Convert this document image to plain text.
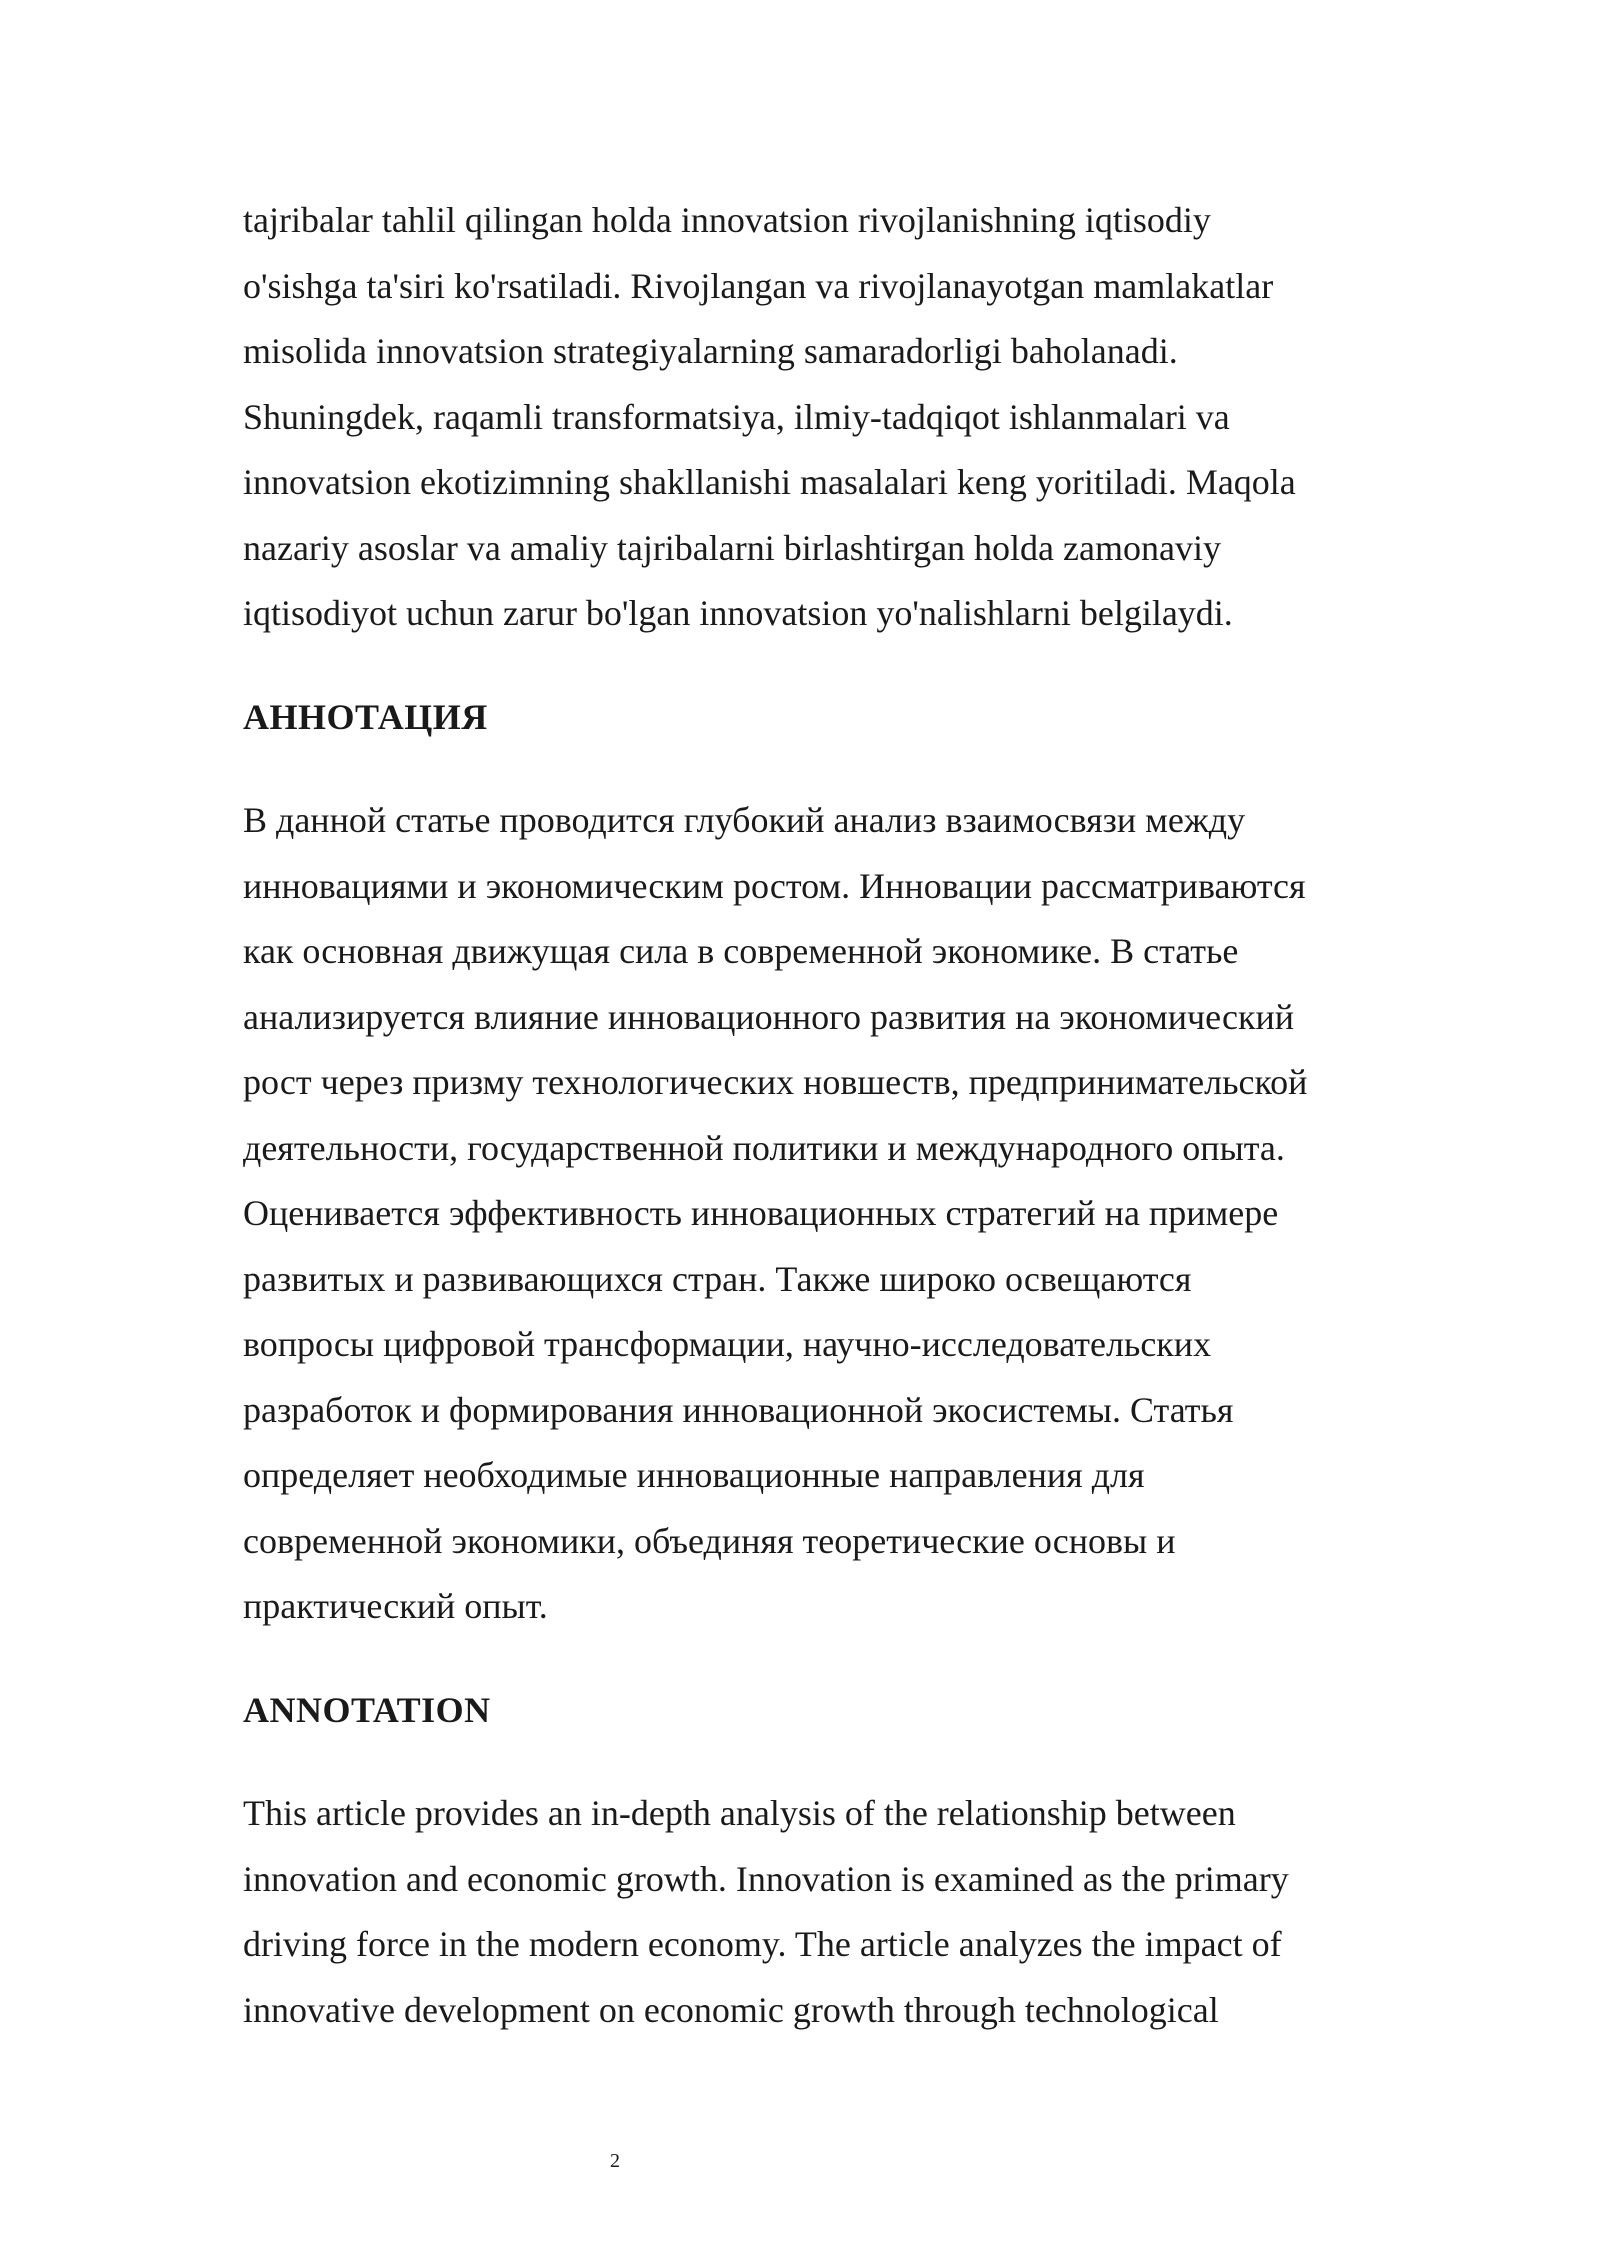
tajribalar tahlil qilingan holda innovatsion rivojlanishning iqtisodiy
o'sishga ta'siri ko'rsatiladi. Rivojlangan va rivojlanayotgan mamlakatlar
misolida innovatsion strategiyalarning samaradorligi baholanadi.
Shuningdek, raqamli transformatsiya, ilmiy-tadqiqot ishlanmalari va
innovatsion ekotizimning shakllanishi masalalari keng yoritiladi. Maqola
nazariy asoslar va amaliy tajribalarni birlashtirgan holda zamonaviy
iqtisodiyot uchun zarur bo'lgan innovatsion yo'nalishlarni belgilaydi.
АННОТАЦИЯ
В данной статье проводится глубокий анализ взаимосвязи между
инновациями и экономическим ростом. Инновации рассматриваются
как основная движущая сила в современной экономике. В статье
анализируется влияние инновационного развития на экономический
рост через призму технологических новшеств, предпринимательской
деятельности, государственной политики и международного опыта.
Оценивается эффективность инновационных стратегий на примере
развитых и развивающихся стран. Также широко освещаются
вопросы цифровой трансформации, научно-исследовательских
разработок и формирования инновационной экосистемы. Статья
определяет необходимые инновационные направления для
современной экономики, объединяя теоретические основы и
практический опыт.
ANNOTATION
This article provides an in-depth analysis of the relationship between
innovation and economic growth. Innovation is examined as the primary
driving force in the modern economy. The article analyzes the impact of
innovative development on economic growth through technological
2
